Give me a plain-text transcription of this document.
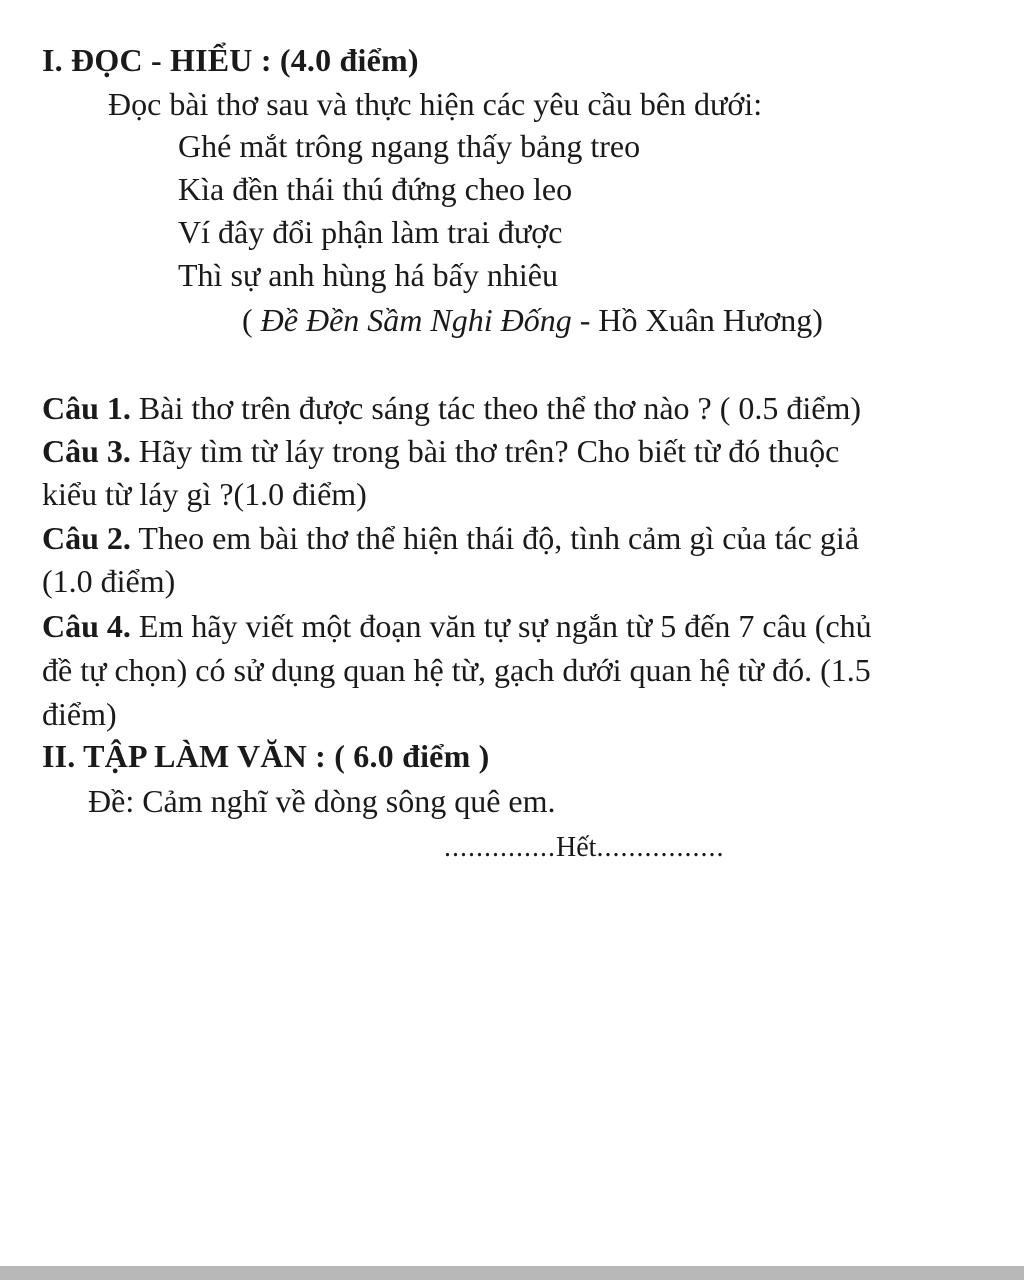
I. ĐỌC - HIỂU : (4.0 điểm)
Đọc bài thơ sau và thực hiện các yêu cầu bên dưới:
Ghé mắt trông ngang thấy bảng treo
Kìa đền thái thú đứng cheo leo
Ví đây đổi phận làm trai được
Thì sự anh hùng há bấy nhiêu
( Đề Đền Sầm Nghi Đống - Hồ Xuân Hương)
Câu 1. Bài thơ trên được sáng tác theo thể thơ nào ? ( 0.5 điểm)
Câu 3. Hãy tìm từ láy trong bài thơ trên? Cho biết từ đó thuộc
kiểu từ láy gì ?(1.0 điểm)
Câu 2. Theo em bài thơ thể hiện thái độ, tình cảm gì của tác giả
(1.0 điểm)
Câu 4. Em hãy viết một đoạn văn tự sự ngắn từ 5 đến 7 câu (chủ
đề tự chọn) có sử dụng quan hệ từ, gạch dưới quan hệ từ đó. (1.5
điểm)
II. TẬP LÀM VĂN : ( 6.0 điểm )
Đề: Cảm nghĩ về dòng sông quê em.
..............Hết................
